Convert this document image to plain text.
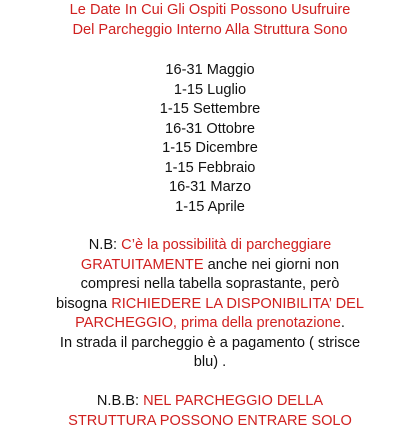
Le Date In Cui Gli Ospiti Possono Usufruire
Del Parcheggio Interno Alla Struttura Sono
16-31 Maggio
1-15 Luglio
1-15 Settembre
16-31 Ottobre
1-15 Dicembre
1-15 Febbraio
16-31 Marzo
1-15 Aprile
N.B: C’è la possibilità di parcheggiare
GRATUITAMENTE anche nei giorni non
compresi nella tabella soprastante, però
bisogna RICHIEDERE LA DISPONIBILITA’ DEL
PARCHEGGIO, prima della prenotazione.
In strada il parcheggio è a pagamento ( strisce
blu) .
N.B.B: NEL PARCHEGGIO DELLA
STRUTTURA POSSONO ENTRARE SOLO
